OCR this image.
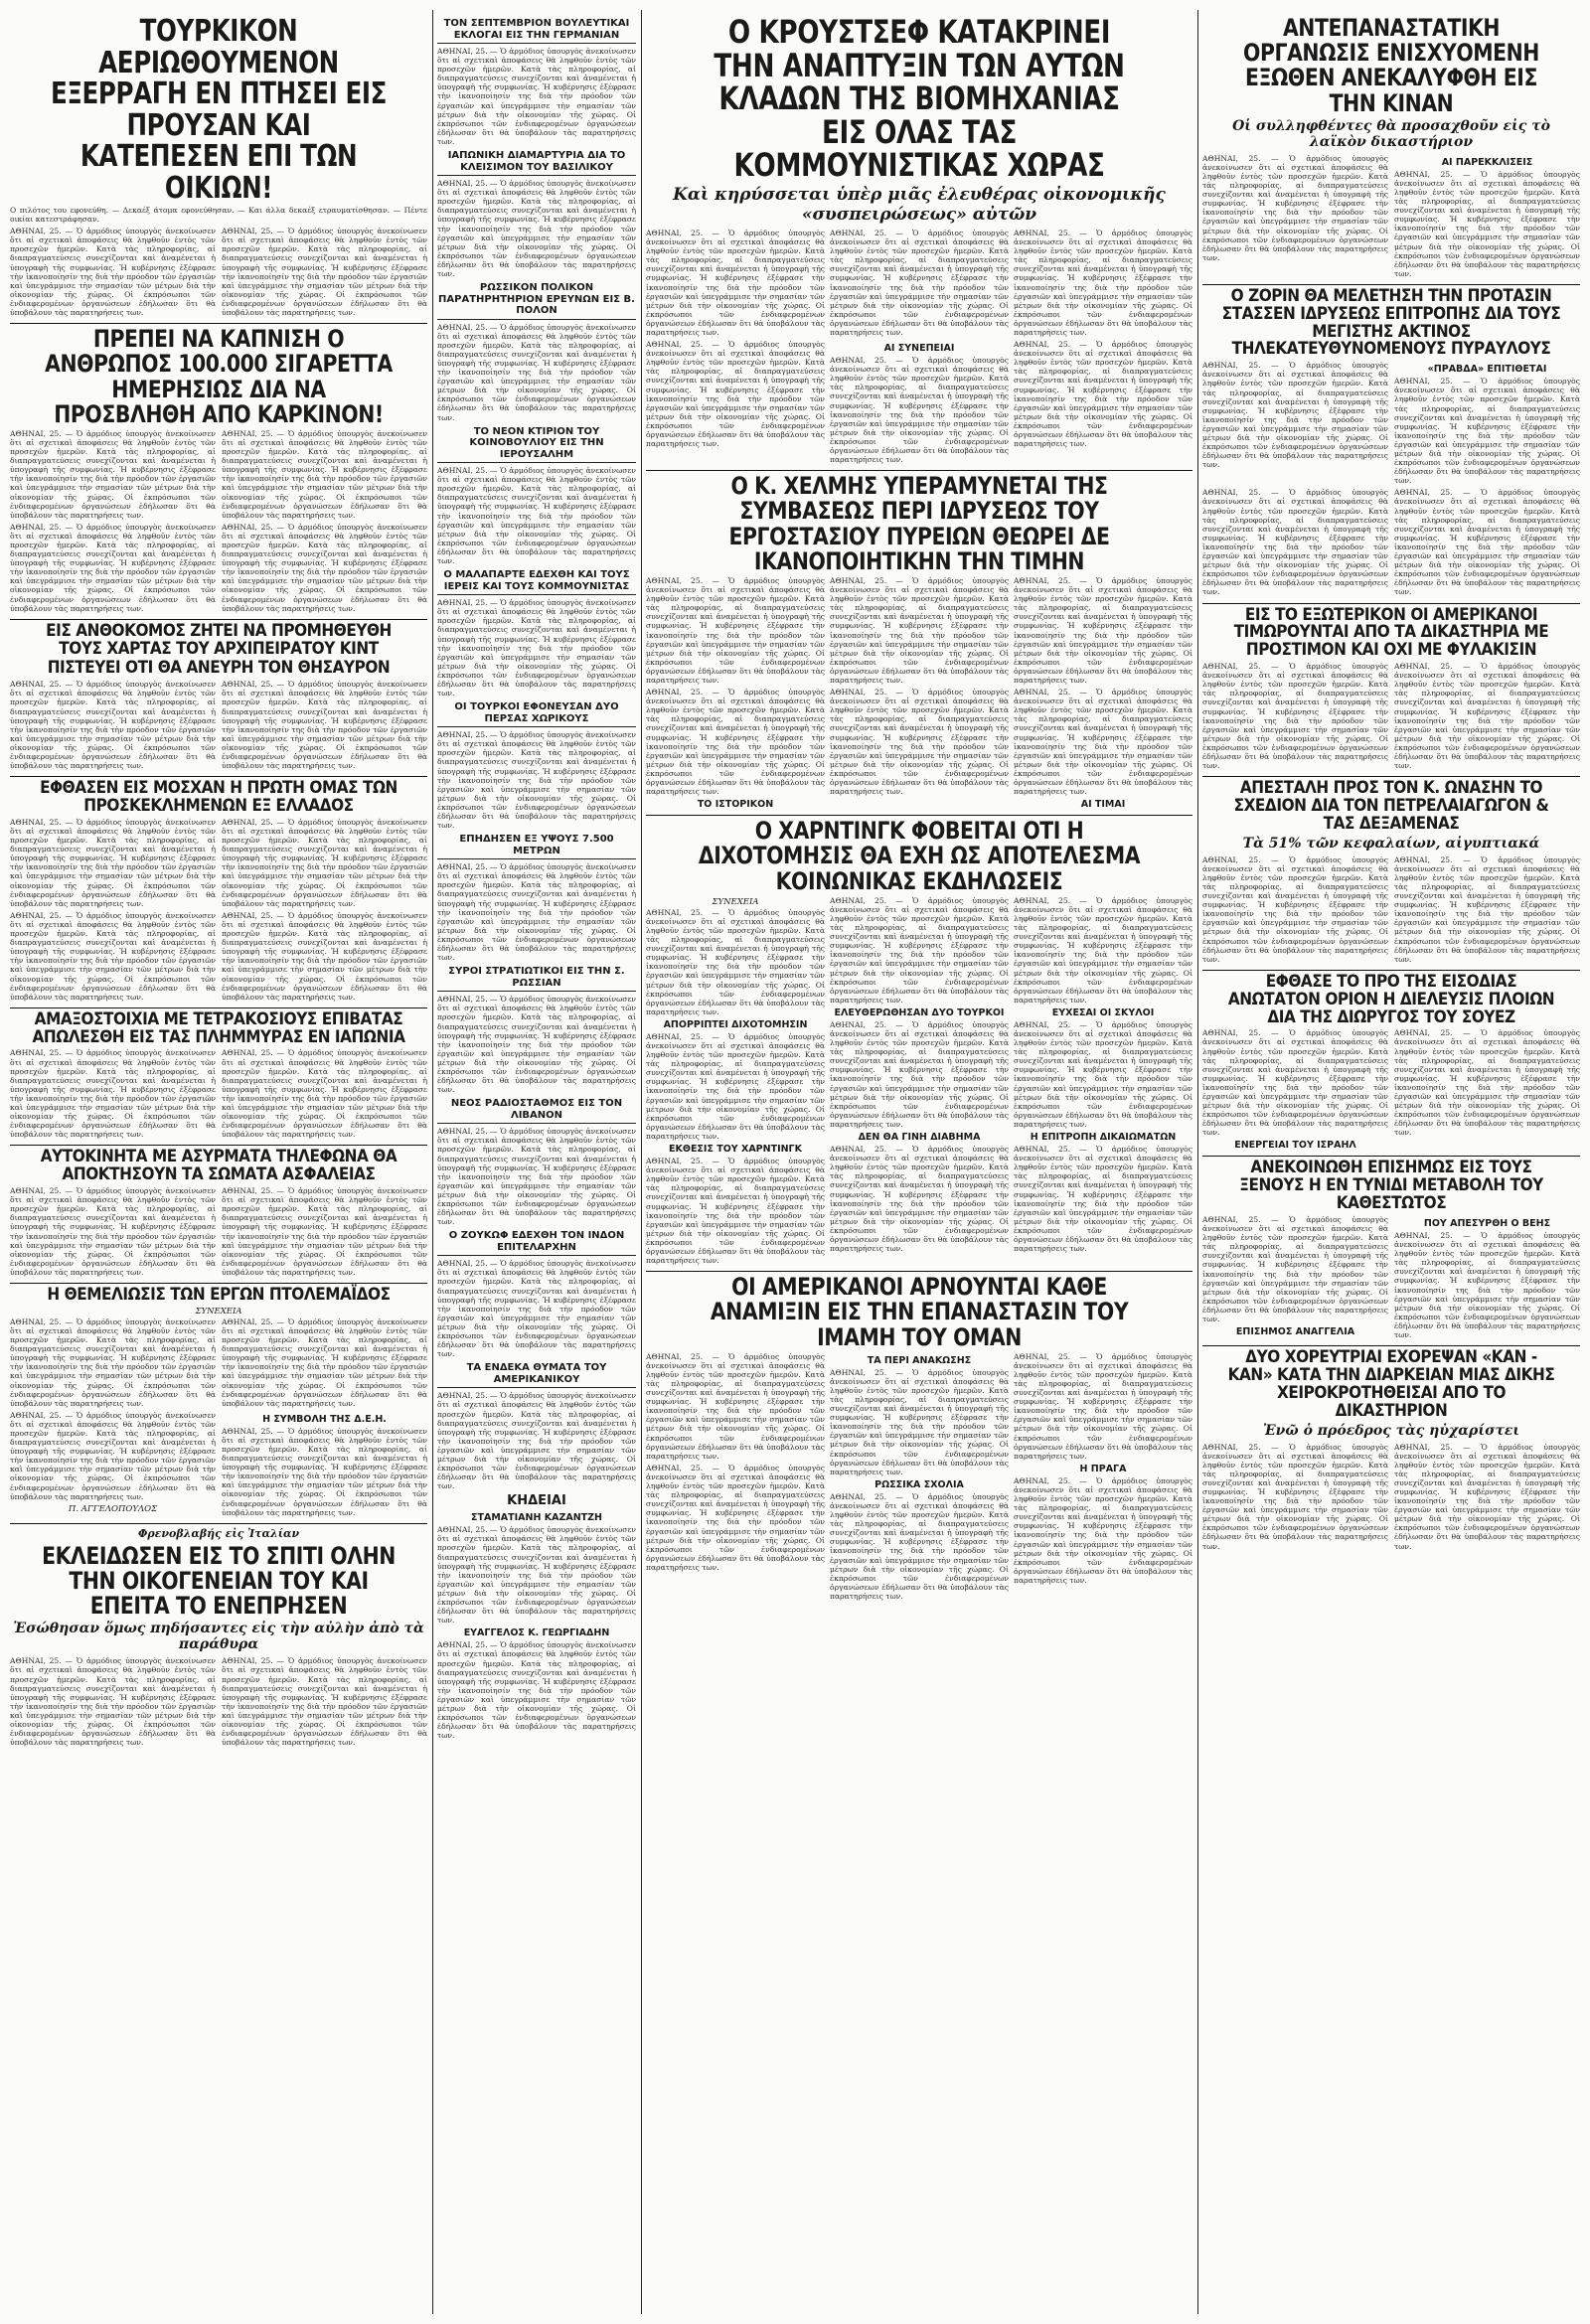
ΤΟΥΡΚΙΚΟΝ ΑΕΡΙΩΘΟΥΜΕΝΟΝ ΕΞΕΡΡΑΓΗ ΕΝ ΠΤΗΣΕΙ ΕΙΣ ΠΡΟΥΣΑΝ ΚΑΙ ΚΑΤΕΠΕΣΕΝ ΕΠΙ ΤΩΝ ΟΙΚΙΩΝ!
Ο πιλότος του εφονεύθη. — Δεκαέξ άτομα εφονεύθησαν. — Και άλλα δεκαέξ ετραυματίσθησαν. — Πέντε οικίαι κατεστράφησαν.
ΑΘΗΝΑΙ, 25. — Ὁ ἁρμόδιος ὑπουργὸς ἀνεκοίνωσεν ὅτι αἱ σχετικαὶ ἀποφάσεις θὰ ληφθοῦν ἐντὸς τῶν προσεχῶν ἡμερῶν. Κατὰ τὰς πληροφορίας, αἱ διαπραγματεύσεις συνεχίζονται καὶ ἀναμένεται ἡ ὑπογραφὴ τῆς συμφωνίας. Ἡ κυβέρνησις ἐξέφρασε τὴν ἱκανοποίησίν της διὰ τὴν πρόοδον τῶν ἐργασιῶν καὶ ὑπεγράμμισε τὴν σημασίαν τῶν μέτρων διὰ τὴν οἰκονομίαν τῆς χώρας. Οἱ ἐκπρόσωποι τῶν ἐνδιαφερομένων ὀργανώσεων ἐδήλωσαν ὅτι θὰ ὑποβάλουν τὰς παρατηρήσεις των.
ΑΘΗΝΑΙ, 25. — Ὁ ἁρμόδιος ὑπουργὸς ἀνεκοίνωσεν ὅτι αἱ σχετικαὶ ἀποφάσεις θὰ ληφθοῦν ἐντὸς τῶν προσεχῶν ἡμερῶν. Κατὰ τὰς πληροφορίας, αἱ διαπραγματεύσεις συνεχίζονται καὶ ἀναμένεται ἡ ὑπογραφὴ τῆς συμφωνίας. Ἡ κυβέρνησις ἐξέφρασε τὴν ἱκανοποίησίν της διὰ τὴν πρόοδον τῶν ἐργασιῶν καὶ ὑπεγράμμισε τὴν σημασίαν τῶν μέτρων διὰ τὴν οἰκονομίαν τῆς χώρας. Οἱ ἐκπρόσωποι τῶν ἐνδιαφερομένων ὀργανώσεων ἐδήλωσαν ὅτι θὰ ὑποβάλουν τὰς παρατηρήσεις των.
ΠΡΕΠΕΙ ΝΑ ΚΑΠΝΙΣΗ Ο ΑΝΘΡΩΠΟΣ 100.000 ΣΙΓΑΡΕΤΤΑ ΗΜΕΡΗΣΙΩΣ ΔΙΑ ΝΑ ΠΡΟΣΒΛΗΘΗ ΑΠΟ ΚΑΡΚΙΝΟΝ!
ΑΘΗΝΑΙ, 25. — Ὁ ἁρμόδιος ὑπουργὸς ἀνεκοίνωσεν ὅτι αἱ σχετικαὶ ἀποφάσεις θὰ ληφθοῦν ἐντὸς τῶν προσεχῶν ἡμερῶν. Κατὰ τὰς πληροφορίας, αἱ διαπραγματεύσεις συνεχίζονται καὶ ἀναμένεται ἡ ὑπογραφὴ τῆς συμφωνίας. Ἡ κυβέρνησις ἐξέφρασε τὴν ἱκανοποίησίν της διὰ τὴν πρόοδον τῶν ἐργασιῶν καὶ ὑπεγράμμισε τὴν σημασίαν τῶν μέτρων διὰ τὴν οἰκονομίαν τῆς χώρας. Οἱ ἐκπρόσωποι τῶν ἐνδιαφερομένων ὀργανώσεων ἐδήλωσαν ὅτι θὰ ὑποβάλουν τὰς παρατηρήσεις των.
ΑΘΗΝΑΙ, 25. — Ὁ ἁρμόδιος ὑπουργὸς ἀνεκοίνωσεν ὅτι αἱ σχετικαὶ ἀποφάσεις θὰ ληφθοῦν ἐντὸς τῶν προσεχῶν ἡμερῶν. Κατὰ τὰς πληροφορίας, αἱ διαπραγματεύσεις συνεχίζονται καὶ ἀναμένεται ἡ ὑπογραφὴ τῆς συμφωνίας. Ἡ κυβέρνησις ἐξέφρασε τὴν ἱκανοποίησίν της διὰ τὴν πρόοδον τῶν ἐργασιῶν καὶ ὑπεγράμμισε τὴν σημασίαν τῶν μέτρων διὰ τὴν οἰκονομίαν τῆς χώρας. Οἱ ἐκπρόσωποι τῶν ἐνδιαφερομένων ὀργανώσεων ἐδήλωσαν ὅτι θὰ ὑποβάλουν τὰς παρατηρήσεις των.
ΑΘΗΝΑΙ, 25. — Ὁ ἁρμόδιος ὑπουργὸς ἀνεκοίνωσεν ὅτι αἱ σχετικαὶ ἀποφάσεις θὰ ληφθοῦν ἐντὸς τῶν προσεχῶν ἡμερῶν. Κατὰ τὰς πληροφορίας, αἱ διαπραγματεύσεις συνεχίζονται καὶ ἀναμένεται ἡ ὑπογραφὴ τῆς συμφωνίας. Ἡ κυβέρνησις ἐξέφρασε τὴν ἱκανοποίησίν της διὰ τὴν πρόοδον τῶν ἐργασιῶν καὶ ὑπεγράμμισε τὴν σημασίαν τῶν μέτρων διὰ τὴν οἰκονομίαν τῆς χώρας. Οἱ ἐκπρόσωποι τῶν ἐνδιαφερομένων ὀργανώσεων ἐδήλωσαν ὅτι θὰ ὑποβάλουν τὰς παρατηρήσεις των.
ΑΘΗΝΑΙ, 25. — Ὁ ἁρμόδιος ὑπουργὸς ἀνεκοίνωσεν ὅτι αἱ σχετικαὶ ἀποφάσεις θὰ ληφθοῦν ἐντὸς τῶν προσεχῶν ἡμερῶν. Κατὰ τὰς πληροφορίας, αἱ διαπραγματεύσεις συνεχίζονται καὶ ἀναμένεται ἡ ὑπογραφὴ τῆς συμφωνίας. Ἡ κυβέρνησις ἐξέφρασε τὴν ἱκανοποίησίν της διὰ τὴν πρόοδον τῶν ἐργασιῶν καὶ ὑπεγράμμισε τὴν σημασίαν τῶν μέτρων διὰ τὴν οἰκονομίαν τῆς χώρας. Οἱ ἐκπρόσωποι τῶν ἐνδιαφερομένων ὀργανώσεων ἐδήλωσαν ὅτι θὰ ὑποβάλουν τὰς παρατηρήσεις των.
ΕΙΣ ΑΝΘΟΚΟΜΟΣ ΖΗΤΕΙ ΝΑ ΠΡΟΜΗΘΕΥΘΗ ΤΟΥΣ ΧΑΡΤΑΣ ΤΟΥ ΑΡΧΙΠΕΙΡΑΤΟΥ ΚΙΝΤ
ΠΙΣΤΕΥΕΙ ΟΤΙ ΘΑ ΑΝΕΥΡΗ ΤΟΝ ΘΗΣΑΥΡΟΝ
ΑΘΗΝΑΙ, 25. — Ὁ ἁρμόδιος ὑπουργὸς ἀνεκοίνωσεν ὅτι αἱ σχετικαὶ ἀποφάσεις θὰ ληφθοῦν ἐντὸς τῶν προσεχῶν ἡμερῶν. Κατὰ τὰς πληροφορίας, αἱ διαπραγματεύσεις συνεχίζονται καὶ ἀναμένεται ἡ ὑπογραφὴ τῆς συμφωνίας. Ἡ κυβέρνησις ἐξέφρασε τὴν ἱκανοποίησίν της διὰ τὴν πρόοδον τῶν ἐργασιῶν καὶ ὑπεγράμμισε τὴν σημασίαν τῶν μέτρων διὰ τὴν οἰκονομίαν τῆς χώρας. Οἱ ἐκπρόσωποι τῶν ἐνδιαφερομένων ὀργανώσεων ἐδήλωσαν ὅτι θὰ ὑποβάλουν τὰς παρατηρήσεις των.
ΑΘΗΝΑΙ, 25. — Ὁ ἁρμόδιος ὑπουργὸς ἀνεκοίνωσεν ὅτι αἱ σχετικαὶ ἀποφάσεις θὰ ληφθοῦν ἐντὸς τῶν προσεχῶν ἡμερῶν. Κατὰ τὰς πληροφορίας, αἱ διαπραγματεύσεις συνεχίζονται καὶ ἀναμένεται ἡ ὑπογραφὴ τῆς συμφωνίας. Ἡ κυβέρνησις ἐξέφρασε τὴν ἱκανοποίησίν της διὰ τὴν πρόοδον τῶν ἐργασιῶν καὶ ὑπεγράμμισε τὴν σημασίαν τῶν μέτρων διὰ τὴν οἰκονομίαν τῆς χώρας. Οἱ ἐκπρόσωποι τῶν ἐνδιαφερομένων ὀργανώσεων ἐδήλωσαν ὅτι θὰ ὑποβάλουν τὰς παρατηρήσεις των.
ΕΦΘΑΣΕΝ ΕΙΣ ΜΟΣΧΑΝ Η ΠΡΩΤΗ ΟΜΑΣ ΤΩΝ ΠΡΟΣΚΕΚΛΗΜΕΝΩΝ ΕΞ ΕΛΛΑΔΟΣ
ΑΘΗΝΑΙ, 25. — Ὁ ἁρμόδιος ὑπουργὸς ἀνεκοίνωσεν ὅτι αἱ σχετικαὶ ἀποφάσεις θὰ ληφθοῦν ἐντὸς τῶν προσεχῶν ἡμερῶν. Κατὰ τὰς πληροφορίας, αἱ διαπραγματεύσεις συνεχίζονται καὶ ἀναμένεται ἡ ὑπογραφὴ τῆς συμφωνίας. Ἡ κυβέρνησις ἐξέφρασε τὴν ἱκανοποίησίν της διὰ τὴν πρόοδον τῶν ἐργασιῶν καὶ ὑπεγράμμισε τὴν σημασίαν τῶν μέτρων διὰ τὴν οἰκονομίαν τῆς χώρας. Οἱ ἐκπρόσωποι τῶν ἐνδιαφερομένων ὀργανώσεων ἐδήλωσαν ὅτι θὰ ὑποβάλουν τὰς παρατηρήσεις των.
ΑΘΗΝΑΙ, 25. — Ὁ ἁρμόδιος ὑπουργὸς ἀνεκοίνωσεν ὅτι αἱ σχετικαὶ ἀποφάσεις θὰ ληφθοῦν ἐντὸς τῶν προσεχῶν ἡμερῶν. Κατὰ τὰς πληροφορίας, αἱ διαπραγματεύσεις συνεχίζονται καὶ ἀναμένεται ἡ ὑπογραφὴ τῆς συμφωνίας. Ἡ κυβέρνησις ἐξέφρασε τὴν ἱκανοποίησίν της διὰ τὴν πρόοδον τῶν ἐργασιῶν καὶ ὑπεγράμμισε τὴν σημασίαν τῶν μέτρων διὰ τὴν οἰκονομίαν τῆς χώρας. Οἱ ἐκπρόσωποι τῶν ἐνδιαφερομένων ὀργανώσεων ἐδήλωσαν ὅτι θὰ ὑποβάλουν τὰς παρατηρήσεις των.
ΑΘΗΝΑΙ, 25. — Ὁ ἁρμόδιος ὑπουργὸς ἀνεκοίνωσεν ὅτι αἱ σχετικαὶ ἀποφάσεις θὰ ληφθοῦν ἐντὸς τῶν προσεχῶν ἡμερῶν. Κατὰ τὰς πληροφορίας, αἱ διαπραγματεύσεις συνεχίζονται καὶ ἀναμένεται ἡ ὑπογραφὴ τῆς συμφωνίας. Ἡ κυβέρνησις ἐξέφρασε τὴν ἱκανοποίησίν της διὰ τὴν πρόοδον τῶν ἐργασιῶν καὶ ὑπεγράμμισε τὴν σημασίαν τῶν μέτρων διὰ τὴν οἰκονομίαν τῆς χώρας. Οἱ ἐκπρόσωποι τῶν ἐνδιαφερομένων ὀργανώσεων ἐδήλωσαν ὅτι θὰ ὑποβάλουν τὰς παρατηρήσεις των.
ΑΘΗΝΑΙ, 25. — Ὁ ἁρμόδιος ὑπουργὸς ἀνεκοίνωσεν ὅτι αἱ σχετικαὶ ἀποφάσεις θὰ ληφθοῦν ἐντὸς τῶν προσεχῶν ἡμερῶν. Κατὰ τὰς πληροφορίας, αἱ διαπραγματεύσεις συνεχίζονται καὶ ἀναμένεται ἡ ὑπογραφὴ τῆς συμφωνίας. Ἡ κυβέρνησις ἐξέφρασε τὴν ἱκανοποίησίν της διὰ τὴν πρόοδον τῶν ἐργασιῶν καὶ ὑπεγράμμισε τὴν σημασίαν τῶν μέτρων διὰ τὴν οἰκονομίαν τῆς χώρας. Οἱ ἐκπρόσωποι τῶν ἐνδιαφερομένων ὀργανώσεων ἐδήλωσαν ὅτι θὰ ὑποβάλουν τὰς παρατηρήσεις των.
ΑΜΑΞΟΣΤΟΙΧΙΑ ΜΕ ΤΕΤΡΑΚΟΣΙΟΥΣ ΕΠΙΒΑΤΑΣ ΑΠΩΛΕΣΘΗ ΕΙΣ ΤΑΣ ΠΛΗΜΜΥΡΑΣ ΕΝ ΙΑΠΩΝΙΑ
ΑΘΗΝΑΙ, 25. — Ὁ ἁρμόδιος ὑπουργὸς ἀνεκοίνωσεν ὅτι αἱ σχετικαὶ ἀποφάσεις θὰ ληφθοῦν ἐντὸς τῶν προσεχῶν ἡμερῶν. Κατὰ τὰς πληροφορίας, αἱ διαπραγματεύσεις συνεχίζονται καὶ ἀναμένεται ἡ ὑπογραφὴ τῆς συμφωνίας. Ἡ κυβέρνησις ἐξέφρασε τὴν ἱκανοποίησίν της διὰ τὴν πρόοδον τῶν ἐργασιῶν καὶ ὑπεγράμμισε τὴν σημασίαν τῶν μέτρων διὰ τὴν οἰκονομίαν τῆς χώρας. Οἱ ἐκπρόσωποι τῶν ἐνδιαφερομένων ὀργανώσεων ἐδήλωσαν ὅτι θὰ ὑποβάλουν τὰς παρατηρήσεις των.
ΑΘΗΝΑΙ, 25. — Ὁ ἁρμόδιος ὑπουργὸς ἀνεκοίνωσεν ὅτι αἱ σχετικαὶ ἀποφάσεις θὰ ληφθοῦν ἐντὸς τῶν προσεχῶν ἡμερῶν. Κατὰ τὰς πληροφορίας, αἱ διαπραγματεύσεις συνεχίζονται καὶ ἀναμένεται ἡ ὑπογραφὴ τῆς συμφωνίας. Ἡ κυβέρνησις ἐξέφρασε τὴν ἱκανοποίησίν της διὰ τὴν πρόοδον τῶν ἐργασιῶν καὶ ὑπεγράμμισε τὴν σημασίαν τῶν μέτρων διὰ τὴν οἰκονομίαν τῆς χώρας. Οἱ ἐκπρόσωποι τῶν ἐνδιαφερομένων ὀργανώσεων ἐδήλωσαν ὅτι θὰ ὑποβάλουν τὰς παρατηρήσεις των.
ΑΥΤΟΚΙΝΗΤΑ ΜΕ ΑΣΥΡΜΑΤΑ ΤΗΛΕΦΩΝΑ ΘΑ ΑΠΟΚΤΗΣΟΥΝ ΤΑ ΣΩΜΑΤΑ ΑΣΦΑΛΕΙΑΣ
ΑΘΗΝΑΙ, 25. — Ὁ ἁρμόδιος ὑπουργὸς ἀνεκοίνωσεν ὅτι αἱ σχετικαὶ ἀποφάσεις θὰ ληφθοῦν ἐντὸς τῶν προσεχῶν ἡμερῶν. Κατὰ τὰς πληροφορίας, αἱ διαπραγματεύσεις συνεχίζονται καὶ ἀναμένεται ἡ ὑπογραφὴ τῆς συμφωνίας. Ἡ κυβέρνησις ἐξέφρασε τὴν ἱκανοποίησίν της διὰ τὴν πρόοδον τῶν ἐργασιῶν καὶ ὑπεγράμμισε τὴν σημασίαν τῶν μέτρων διὰ τὴν οἰκονομίαν τῆς χώρας. Οἱ ἐκπρόσωποι τῶν ἐνδιαφερομένων ὀργανώσεων ἐδήλωσαν ὅτι θὰ ὑποβάλουν τὰς παρατηρήσεις των.
ΑΘΗΝΑΙ, 25. — Ὁ ἁρμόδιος ὑπουργὸς ἀνεκοίνωσεν ὅτι αἱ σχετικαὶ ἀποφάσεις θὰ ληφθοῦν ἐντὸς τῶν προσεχῶν ἡμερῶν. Κατὰ τὰς πληροφορίας, αἱ διαπραγματεύσεις συνεχίζονται καὶ ἀναμένεται ἡ ὑπογραφὴ τῆς συμφωνίας. Ἡ κυβέρνησις ἐξέφρασε τὴν ἱκανοποίησίν της διὰ τὴν πρόοδον τῶν ἐργασιῶν καὶ ὑπεγράμμισε τὴν σημασίαν τῶν μέτρων διὰ τὴν οἰκονομίαν τῆς χώρας. Οἱ ἐκπρόσωποι τῶν ἐνδιαφερομένων ὀργανώσεων ἐδήλωσαν ὅτι θὰ ὑποβάλουν τὰς παρατηρήσεις των.
Η ΘΕΜΕΛΙΩΣΙΣ ΤΩΝ ΕΡΓΩΝ ΠΤΟΛΕΜΑΪΔΟΣ
ΣΥΝΕΧΕΙΑ
ΑΘΗΝΑΙ, 25. — Ὁ ἁρμόδιος ὑπουργὸς ἀνεκοίνωσεν ὅτι αἱ σχετικαὶ ἀποφάσεις θὰ ληφθοῦν ἐντὸς τῶν προσεχῶν ἡμερῶν. Κατὰ τὰς πληροφορίας, αἱ διαπραγματεύσεις συνεχίζονται καὶ ἀναμένεται ἡ ὑπογραφὴ τῆς συμφωνίας. Ἡ κυβέρνησις ἐξέφρασε τὴν ἱκανοποίησίν της διὰ τὴν πρόοδον τῶν ἐργασιῶν καὶ ὑπεγράμμισε τὴν σημασίαν τῶν μέτρων διὰ τὴν οἰκονομίαν τῆς χώρας. Οἱ ἐκπρόσωποι τῶν ἐνδιαφερομένων ὀργανώσεων ἐδήλωσαν ὅτι θὰ ὑποβάλουν τὰς παρατηρήσεις των.
ΑΘΗΝΑΙ, 25. — Ὁ ἁρμόδιος ὑπουργὸς ἀνεκοίνωσεν ὅτι αἱ σχετικαὶ ἀποφάσεις θὰ ληφθοῦν ἐντὸς τῶν προσεχῶν ἡμερῶν. Κατὰ τὰς πληροφορίας, αἱ διαπραγματεύσεις συνεχίζονται καὶ ἀναμένεται ἡ ὑπογραφὴ τῆς συμφωνίας. Ἡ κυβέρνησις ἐξέφρασε τὴν ἱκανοποίησίν της διὰ τὴν πρόοδον τῶν ἐργασιῶν καὶ ὑπεγράμμισε τὴν σημασίαν τῶν μέτρων διὰ τὴν οἰκονομίαν τῆς χώρας. Οἱ ἐκπρόσωποι τῶν ἐνδιαφερομένων ὀργανώσεων ἐδήλωσαν ὅτι θὰ ὑποβάλουν τὰς παρατηρήσεις των.
ΑΘΗΝΑΙ, 25. — Ὁ ἁρμόδιος ὑπουργὸς ἀνεκοίνωσεν ὅτι αἱ σχετικαὶ ἀποφάσεις θὰ ληφθοῦν ἐντὸς τῶν προσεχῶν ἡμερῶν. Κατὰ τὰς πληροφορίας, αἱ διαπραγματεύσεις συνεχίζονται καὶ ἀναμένεται ἡ ὑπογραφὴ τῆς συμφωνίας. Ἡ κυβέρνησις ἐξέφρασε τὴν ἱκανοποίησίν της διὰ τὴν πρόοδον τῶν ἐργασιῶν καὶ ὑπεγράμμισε τὴν σημασίαν τῶν μέτρων διὰ τὴν οἰκονομίαν τῆς χώρας. Οἱ ἐκπρόσωποι τῶν ἐνδιαφερομένων ὀργανώσεων ἐδήλωσαν ὅτι θὰ ὑποβάλουν τὰς παρατηρήσεις των.
Π. ΑΓΓΕΛΟΠΟΥΛΟΣ
Η ΣΥΜΒΟΛΗ ΤΗΣ Δ.Ε.Η.
ΑΘΗΝΑΙ, 25. — Ὁ ἁρμόδιος ὑπουργὸς ἀνεκοίνωσεν ὅτι αἱ σχετικαὶ ἀποφάσεις θὰ ληφθοῦν ἐντὸς τῶν προσεχῶν ἡμερῶν. Κατὰ τὰς πληροφορίας, αἱ διαπραγματεύσεις συνεχίζονται καὶ ἀναμένεται ἡ ὑπογραφὴ τῆς συμφωνίας. Ἡ κυβέρνησις ἐξέφρασε τὴν ἱκανοποίησίν της διὰ τὴν πρόοδον τῶν ἐργασιῶν καὶ ὑπεγράμμισε τὴν σημασίαν τῶν μέτρων διὰ τὴν οἰκονομίαν τῆς χώρας. Οἱ ἐκπρόσωποι τῶν ἐνδιαφερομένων ὀργανώσεων ἐδήλωσαν ὅτι θὰ ὑποβάλουν τὰς παρατηρήσεις των.
Φρενοβλαβής εἰς Ἰταλίαν
ΕΚΛΕΙΔΩΣΕΝ ΕΙΣ ΤΟ ΣΠΙΤΙ ΟΛΗΝ ΤΗΝ ΟΙΚΟΓΕΝΕΙΑΝ ΤΟΥ ΚΑΙ ΕΠΕΙΤΑ ΤΟ ΕΝΕΠΡΗΣΕΝ
Ἐσώθησαν ὅμως πηδήσαντες εἰς τὴν αὐλὴν ἀπὸ τὰ παράθυρα
ΑΘΗΝΑΙ, 25. — Ὁ ἁρμόδιος ὑπουργὸς ἀνεκοίνωσεν ὅτι αἱ σχετικαὶ ἀποφάσεις θὰ ληφθοῦν ἐντὸς τῶν προσεχῶν ἡμερῶν. Κατὰ τὰς πληροφορίας, αἱ διαπραγματεύσεις συνεχίζονται καὶ ἀναμένεται ἡ ὑπογραφὴ τῆς συμφωνίας. Ἡ κυβέρνησις ἐξέφρασε τὴν ἱκανοποίησίν της διὰ τὴν πρόοδον τῶν ἐργασιῶν καὶ ὑπεγράμμισε τὴν σημασίαν τῶν μέτρων διὰ τὴν οἰκονομίαν τῆς χώρας. Οἱ ἐκπρόσωποι τῶν ἐνδιαφερομένων ὀργανώσεων ἐδήλωσαν ὅτι θὰ ὑποβάλουν τὰς παρατηρήσεις των.
ΑΘΗΝΑΙ, 25. — Ὁ ἁρμόδιος ὑπουργὸς ἀνεκοίνωσεν ὅτι αἱ σχετικαὶ ἀποφάσεις θὰ ληφθοῦν ἐντὸς τῶν προσεχῶν ἡμερῶν. Κατὰ τὰς πληροφορίας, αἱ διαπραγματεύσεις συνεχίζονται καὶ ἀναμένεται ἡ ὑπογραφὴ τῆς συμφωνίας. Ἡ κυβέρνησις ἐξέφρασε τὴν ἱκανοποίησίν της διὰ τὴν πρόοδον τῶν ἐργασιῶν καὶ ὑπεγράμμισε τὴν σημασίαν τῶν μέτρων διὰ τὴν οἰκονομίαν τῆς χώρας. Οἱ ἐκπρόσωποι τῶν ἐνδιαφερομένων ὀργανώσεων ἐδήλωσαν ὅτι θὰ ὑποβάλουν τὰς παρατηρήσεις των.
ΤΟΝ ΣΕΠΤΕΜΒΡΙΟΝ ΒΟΥΛΕΥΤΙΚΑΙ ΕΚΛΟΓΑΙ ΕΙΣ ΤΗΝ ΓΕΡΜΑΝΙΑΝ
ΑΘΗΝΑΙ, 25. — Ὁ ἁρμόδιος ὑπουργὸς ἀνεκοίνωσεν ὅτι αἱ σχετικαὶ ἀποφάσεις θὰ ληφθοῦν ἐντὸς τῶν προσεχῶν ἡμερῶν. Κατὰ τὰς πληροφορίας, αἱ διαπραγματεύσεις συνεχίζονται καὶ ἀναμένεται ἡ ὑπογραφὴ τῆς συμφωνίας. Ἡ κυβέρνησις ἐξέφρασε τὴν ἱκανοποίησίν της διὰ τὴν πρόοδον τῶν ἐργασιῶν καὶ ὑπεγράμμισε τὴν σημασίαν τῶν μέτρων διὰ τὴν οἰκονομίαν τῆς χώρας. Οἱ ἐκπρόσωποι τῶν ἐνδιαφερομένων ὀργανώσεων ἐδήλωσαν ὅτι θὰ ὑποβάλουν τὰς παρατηρήσεις των.
ΙΑΠΩΝΙΚΗ ΔΙΑΜΑΡΤΥΡΙΑ ΔΙΑ ΤΟ ΚΛΕΙΣΙΜΟΝ ΤΟΥ ΒΑΣΙΛΙΚΟΥ
ΑΘΗΝΑΙ, 25. — Ὁ ἁρμόδιος ὑπουργὸς ἀνεκοίνωσεν ὅτι αἱ σχετικαὶ ἀποφάσεις θὰ ληφθοῦν ἐντὸς τῶν προσεχῶν ἡμερῶν. Κατὰ τὰς πληροφορίας, αἱ διαπραγματεύσεις συνεχίζονται καὶ ἀναμένεται ἡ ὑπογραφὴ τῆς συμφωνίας. Ἡ κυβέρνησις ἐξέφρασε τὴν ἱκανοποίησίν της διὰ τὴν πρόοδον τῶν ἐργασιῶν καὶ ὑπεγράμμισε τὴν σημασίαν τῶν μέτρων διὰ τὴν οἰκονομίαν τῆς χώρας. Οἱ ἐκπρόσωποι τῶν ἐνδιαφερομένων ὀργανώσεων ἐδήλωσαν ὅτι θὰ ὑποβάλουν τὰς παρατηρήσεις των.
ΡΩΣΣΙΚΟΝ ΠΟΛΙΚΟΝ ΠΑΡΑΤΗΡΗΤΗΡΙΟΝ ΕΡΕΥΝΩΝ ΕΙΣ Β. ΠΟΛΟΝ
ΑΘΗΝΑΙ, 25. — Ὁ ἁρμόδιος ὑπουργὸς ἀνεκοίνωσεν ὅτι αἱ σχετικαὶ ἀποφάσεις θὰ ληφθοῦν ἐντὸς τῶν προσεχῶν ἡμερῶν. Κατὰ τὰς πληροφορίας, αἱ διαπραγματεύσεις συνεχίζονται καὶ ἀναμένεται ἡ ὑπογραφὴ τῆς συμφωνίας. Ἡ κυβέρνησις ἐξέφρασε τὴν ἱκανοποίησίν της διὰ τὴν πρόοδον τῶν ἐργασιῶν καὶ ὑπεγράμμισε τὴν σημασίαν τῶν μέτρων διὰ τὴν οἰκονομίαν τῆς χώρας. Οἱ ἐκπρόσωποι τῶν ἐνδιαφερομένων ὀργανώσεων ἐδήλωσαν ὅτι θὰ ὑποβάλουν τὰς παρατηρήσεις των.
ΤΟ ΝΕΟΝ ΚΤΙΡΙΟΝ ΤΟΥ ΚΟΙΝΟΒΟΥΛΙΟΥ ΕΙΣ ΤΗΝ ΙΕΡΟΥΣΑΛΗΜ
ΑΘΗΝΑΙ, 25. — Ὁ ἁρμόδιος ὑπουργὸς ἀνεκοίνωσεν ὅτι αἱ σχετικαὶ ἀποφάσεις θὰ ληφθοῦν ἐντὸς τῶν προσεχῶν ἡμερῶν. Κατὰ τὰς πληροφορίας, αἱ διαπραγματεύσεις συνεχίζονται καὶ ἀναμένεται ἡ ὑπογραφὴ τῆς συμφωνίας. Ἡ κυβέρνησις ἐξέφρασε τὴν ἱκανοποίησίν της διὰ τὴν πρόοδον τῶν ἐργασιῶν καὶ ὑπεγράμμισε τὴν σημασίαν τῶν μέτρων διὰ τὴν οἰκονομίαν τῆς χώρας. Οἱ ἐκπρόσωποι τῶν ἐνδιαφερομένων ὀργανώσεων ἐδήλωσαν ὅτι θὰ ὑποβάλουν τὰς παρατηρήσεις των.
Ο ΜΑΛΑΠΑΡΤΕ ΕΔΕΧΘΗ ΚΑΙ ΤΟΥΣ ΙΕΡΕΙΣ ΚΑΙ ΤΟΥΣ ΚΟΜΜΟΥΝΙΣΤΑΣ
ΑΘΗΝΑΙ, 25. — Ὁ ἁρμόδιος ὑπουργὸς ἀνεκοίνωσεν ὅτι αἱ σχετικαὶ ἀποφάσεις θὰ ληφθοῦν ἐντὸς τῶν προσεχῶν ἡμερῶν. Κατὰ τὰς πληροφορίας, αἱ διαπραγματεύσεις συνεχίζονται καὶ ἀναμένεται ἡ ὑπογραφὴ τῆς συμφωνίας. Ἡ κυβέρνησις ἐξέφρασε τὴν ἱκανοποίησίν της διὰ τὴν πρόοδον τῶν ἐργασιῶν καὶ ὑπεγράμμισε τὴν σημασίαν τῶν μέτρων διὰ τὴν οἰκονομίαν τῆς χώρας. Οἱ ἐκπρόσωποι τῶν ἐνδιαφερομένων ὀργανώσεων ἐδήλωσαν ὅτι θὰ ὑποβάλουν τὰς παρατηρήσεις των.
ΟΙ ΤΟΥΡΚΟΙ ΕΦΟΝΕΥΣΑΝ ΔΥΟ ΠΕΡΣΑΣ ΧΩΡΙΚΟΥΣ
ΑΘΗΝΑΙ, 25. — Ὁ ἁρμόδιος ὑπουργὸς ἀνεκοίνωσεν ὅτι αἱ σχετικαὶ ἀποφάσεις θὰ ληφθοῦν ἐντὸς τῶν προσεχῶν ἡμερῶν. Κατὰ τὰς πληροφορίας, αἱ διαπραγματεύσεις συνεχίζονται καὶ ἀναμένεται ἡ ὑπογραφὴ τῆς συμφωνίας. Ἡ κυβέρνησις ἐξέφρασε τὴν ἱκανοποίησίν της διὰ τὴν πρόοδον τῶν ἐργασιῶν καὶ ὑπεγράμμισε τὴν σημασίαν τῶν μέτρων διὰ τὴν οἰκονομίαν τῆς χώρας. Οἱ ἐκπρόσωποι τῶν ἐνδιαφερομένων ὀργανώσεων ἐδήλωσαν ὅτι θὰ ὑποβάλουν τὰς παρατηρήσεις των.
ΕΠΗΔΗΣΕΝ ΕΞ ΥΨΟΥΣ 7.500 ΜΕΤΡΩΝ
ΑΘΗΝΑΙ, 25. — Ὁ ἁρμόδιος ὑπουργὸς ἀνεκοίνωσεν ὅτι αἱ σχετικαὶ ἀποφάσεις θὰ ληφθοῦν ἐντὸς τῶν προσεχῶν ἡμερῶν. Κατὰ τὰς πληροφορίας, αἱ διαπραγματεύσεις συνεχίζονται καὶ ἀναμένεται ἡ ὑπογραφὴ τῆς συμφωνίας. Ἡ κυβέρνησις ἐξέφρασε τὴν ἱκανοποίησίν της διὰ τὴν πρόοδον τῶν ἐργασιῶν καὶ ὑπεγράμμισε τὴν σημασίαν τῶν μέτρων διὰ τὴν οἰκονομίαν τῆς χώρας. Οἱ ἐκπρόσωποι τῶν ἐνδιαφερομένων ὀργανώσεων ἐδήλωσαν ὅτι θὰ ὑποβάλουν τὰς παρατηρήσεις των.
ΣΥΡΟΙ ΣΤΡΑΤΙΩΤΙΚΟΙ ΕΙΣ ΤΗΝ Σ. ΡΩΣΣΙΑΝ
ΑΘΗΝΑΙ, 25. — Ὁ ἁρμόδιος ὑπουργὸς ἀνεκοίνωσεν ὅτι αἱ σχετικαὶ ἀποφάσεις θὰ ληφθοῦν ἐντὸς τῶν προσεχῶν ἡμερῶν. Κατὰ τὰς πληροφορίας, αἱ διαπραγματεύσεις συνεχίζονται καὶ ἀναμένεται ἡ ὑπογραφὴ τῆς συμφωνίας. Ἡ κυβέρνησις ἐξέφρασε τὴν ἱκανοποίησίν της διὰ τὴν πρόοδον τῶν ἐργασιῶν καὶ ὑπεγράμμισε τὴν σημασίαν τῶν μέτρων διὰ τὴν οἰκονομίαν τῆς χώρας. Οἱ ἐκπρόσωποι τῶν ἐνδιαφερομένων ὀργανώσεων ἐδήλωσαν ὅτι θὰ ὑποβάλουν τὰς παρατηρήσεις των.
ΝΕΟΣ ΡΑΔΙΟΣΤΑΘΜΟΣ ΕΙΣ ΤΟΝ ΛΙΒΑΝΟΝ
ΑΘΗΝΑΙ, 25. — Ὁ ἁρμόδιος ὑπουργὸς ἀνεκοίνωσεν ὅτι αἱ σχετικαὶ ἀποφάσεις θὰ ληφθοῦν ἐντὸς τῶν προσεχῶν ἡμερῶν. Κατὰ τὰς πληροφορίας, αἱ διαπραγματεύσεις συνεχίζονται καὶ ἀναμένεται ἡ ὑπογραφὴ τῆς συμφωνίας. Ἡ κυβέρνησις ἐξέφρασε τὴν ἱκανοποίησίν της διὰ τὴν πρόοδον τῶν ἐργασιῶν καὶ ὑπεγράμμισε τὴν σημασίαν τῶν μέτρων διὰ τὴν οἰκονομίαν τῆς χώρας. Οἱ ἐκπρόσωποι τῶν ἐνδιαφερομένων ὀργανώσεων ἐδήλωσαν ὅτι θὰ ὑποβάλουν τὰς παρατηρήσεις των.
Ο ΖΟΥΚΩΦ ΕΔΕΧΘΗ ΤΟΝ ΙΝΔΟΝ ΕΠΙΤΕΛΑΡΧΗΝ
ΑΘΗΝΑΙ, 25. — Ὁ ἁρμόδιος ὑπουργὸς ἀνεκοίνωσεν ὅτι αἱ σχετικαὶ ἀποφάσεις θὰ ληφθοῦν ἐντὸς τῶν προσεχῶν ἡμερῶν. Κατὰ τὰς πληροφορίας, αἱ διαπραγματεύσεις συνεχίζονται καὶ ἀναμένεται ἡ ὑπογραφὴ τῆς συμφωνίας. Ἡ κυβέρνησις ἐξέφρασε τὴν ἱκανοποίησίν της διὰ τὴν πρόοδον τῶν ἐργασιῶν καὶ ὑπεγράμμισε τὴν σημασίαν τῶν μέτρων διὰ τὴν οἰκονομίαν τῆς χώρας. Οἱ ἐκπρόσωποι τῶν ἐνδιαφερομένων ὀργανώσεων ἐδήλωσαν ὅτι θὰ ὑποβάλουν τὰς παρατηρήσεις των.
ΤΑ ΕΝΔΕΚΑ ΘΥΜΑΤΑ ΤΟΥ ΑΜΕΡΙΚΑΝΙΚΟΥ
ΑΘΗΝΑΙ, 25. — Ὁ ἁρμόδιος ὑπουργὸς ἀνεκοίνωσεν ὅτι αἱ σχετικαὶ ἀποφάσεις θὰ ληφθοῦν ἐντὸς τῶν προσεχῶν ἡμερῶν. Κατὰ τὰς πληροφορίας, αἱ διαπραγματεύσεις συνεχίζονται καὶ ἀναμένεται ἡ ὑπογραφὴ τῆς συμφωνίας. Ἡ κυβέρνησις ἐξέφρασε τὴν ἱκανοποίησίν της διὰ τὴν πρόοδον τῶν ἐργασιῶν καὶ ὑπεγράμμισε τὴν σημασίαν τῶν μέτρων διὰ τὴν οἰκονομίαν τῆς χώρας. Οἱ ἐκπρόσωποι τῶν ἐνδιαφερομένων ὀργανώσεων ἐδήλωσαν ὅτι θὰ ὑποβάλουν τὰς παρατηρήσεις των.
ΚΗΔΕΙΑΙ
ΣΤΑΜΑΤΙΑΝΗ ΚΑΖΑΝΤΖΗ
ΑΘΗΝΑΙ, 25. — Ὁ ἁρμόδιος ὑπουργὸς ἀνεκοίνωσεν ὅτι αἱ σχετικαὶ ἀποφάσεις θὰ ληφθοῦν ἐντὸς τῶν προσεχῶν ἡμερῶν. Κατὰ τὰς πληροφορίας, αἱ διαπραγματεύσεις συνεχίζονται καὶ ἀναμένεται ἡ ὑπογραφὴ τῆς συμφωνίας. Ἡ κυβέρνησις ἐξέφρασε τὴν ἱκανοποίησίν της διὰ τὴν πρόοδον τῶν ἐργασιῶν καὶ ὑπεγράμμισε τὴν σημασίαν τῶν μέτρων διὰ τὴν οἰκονομίαν τῆς χώρας. Οἱ ἐκπρόσωποι τῶν ἐνδιαφερομένων ὀργανώσεων ἐδήλωσαν ὅτι θὰ ὑποβάλουν τὰς παρατηρήσεις των.
ΕΥΑΓΓΕΛΟΣ Κ. ΓΕΩΡΓΙΑΔΗΝ
ΑΘΗΝΑΙ, 25. — Ὁ ἁρμόδιος ὑπουργὸς ἀνεκοίνωσεν ὅτι αἱ σχετικαὶ ἀποφάσεις θὰ ληφθοῦν ἐντὸς τῶν προσεχῶν ἡμερῶν. Κατὰ τὰς πληροφορίας, αἱ διαπραγματεύσεις συνεχίζονται καὶ ἀναμένεται ἡ ὑπογραφὴ τῆς συμφωνίας. Ἡ κυβέρνησις ἐξέφρασε τὴν ἱκανοποίησίν της διὰ τὴν πρόοδον τῶν ἐργασιῶν καὶ ὑπεγράμμισε τὴν σημασίαν τῶν μέτρων διὰ τὴν οἰκονομίαν τῆς χώρας. Οἱ ἐκπρόσωποι τῶν ἐνδιαφερομένων ὀργανώσεων ἐδήλωσαν ὅτι θὰ ὑποβάλουν τὰς παρατηρήσεις των.
Ο ΚΡΟΥΣΤΣΕΦ ΚΑΤΑΚΡΙΝΕΙ ΤΗΝ ΑΝΑΠΤΥΞΙΝ ΤΩΝ ΑΥΤΩΝ ΚΛΑΔΩΝ ΤΗΣ ΒΙΟΜΗΧΑΝΙΑΣ ΕΙΣ ΟΛΑΣ ΤΑΣ ΚΟΜΜΟΥΝΙΣΤΙΚΑΣ ΧΩΡΑΣ
Καὶ κηρύσσεται ὑπὲρ μιᾶς ἐλευθέρας οἰκονομικῆς «συσπειρώσεως» αὐτῶν
ΑΘΗΝΑΙ, 25. — Ὁ ἁρμόδιος ὑπουργὸς ἀνεκοίνωσεν ὅτι αἱ σχετικαὶ ἀποφάσεις θὰ ληφθοῦν ἐντὸς τῶν προσεχῶν ἡμερῶν. Κατὰ τὰς πληροφορίας, αἱ διαπραγματεύσεις συνεχίζονται καὶ ἀναμένεται ἡ ὑπογραφὴ τῆς συμφωνίας. Ἡ κυβέρνησις ἐξέφρασε τὴν ἱκανοποίησίν της διὰ τὴν πρόοδον τῶν ἐργασιῶν καὶ ὑπεγράμμισε τὴν σημασίαν τῶν μέτρων διὰ τὴν οἰκονομίαν τῆς χώρας. Οἱ ἐκπρόσωποι τῶν ἐνδιαφερομένων ὀργανώσεων ἐδήλωσαν ὅτι θὰ ὑποβάλουν τὰς παρατηρήσεις των.
ΑΘΗΝΑΙ, 25. — Ὁ ἁρμόδιος ὑπουργὸς ἀνεκοίνωσεν ὅτι αἱ σχετικαὶ ἀποφάσεις θὰ ληφθοῦν ἐντὸς τῶν προσεχῶν ἡμερῶν. Κατὰ τὰς πληροφορίας, αἱ διαπραγματεύσεις συνεχίζονται καὶ ἀναμένεται ἡ ὑπογραφὴ τῆς συμφωνίας. Ἡ κυβέρνησις ἐξέφρασε τὴν ἱκανοποίησίν της διὰ τὴν πρόοδον τῶν ἐργασιῶν καὶ ὑπεγράμμισε τὴν σημασίαν τῶν μέτρων διὰ τὴν οἰκονομίαν τῆς χώρας. Οἱ ἐκπρόσωποι τῶν ἐνδιαφερομένων ὀργανώσεων ἐδήλωσαν ὅτι θὰ ὑποβάλουν τὰς παρατηρήσεις των.
ΑΘΗΝΑΙ, 25. — Ὁ ἁρμόδιος ὑπουργὸς ἀνεκοίνωσεν ὅτι αἱ σχετικαὶ ἀποφάσεις θὰ ληφθοῦν ἐντὸς τῶν προσεχῶν ἡμερῶν. Κατὰ τὰς πληροφορίας, αἱ διαπραγματεύσεις συνεχίζονται καὶ ἀναμένεται ἡ ὑπογραφὴ τῆς συμφωνίας. Ἡ κυβέρνησις ἐξέφρασε τὴν ἱκανοποίησίν της διὰ τὴν πρόοδον τῶν ἐργασιῶν καὶ ὑπεγράμμισε τὴν σημασίαν τῶν μέτρων διὰ τὴν οἰκονομίαν τῆς χώρας. Οἱ ἐκπρόσωποι τῶν ἐνδιαφερομένων ὀργανώσεων ἐδήλωσαν ὅτι θὰ ὑποβάλουν τὰς παρατηρήσεις των.
ΑΘΗΝΑΙ, 25. — Ὁ ἁρμόδιος ὑπουργὸς ἀνεκοίνωσεν ὅτι αἱ σχετικαὶ ἀποφάσεις θὰ ληφθοῦν ἐντὸς τῶν προσεχῶν ἡμερῶν. Κατὰ τὰς πληροφορίας, αἱ διαπραγματεύσεις συνεχίζονται καὶ ἀναμένεται ἡ ὑπογραφὴ τῆς συμφωνίας. Ἡ κυβέρνησις ἐξέφρασε τὴν ἱκανοποίησίν της διὰ τὴν πρόοδον τῶν ἐργασιῶν καὶ ὑπεγράμμισε τὴν σημασίαν τῶν μέτρων διὰ τὴν οἰκονομίαν τῆς χώρας. Οἱ ἐκπρόσωποι τῶν ἐνδιαφερομένων ὀργανώσεων ἐδήλωσαν ὅτι θὰ ὑποβάλουν τὰς παρατηρήσεις των.
AI ΣΥΝΕΠΕΙΑI
ΑΘΗΝΑΙ, 25. — Ὁ ἁρμόδιος ὑπουργὸς ἀνεκοίνωσεν ὅτι αἱ σχετικαὶ ἀποφάσεις θὰ ληφθοῦν ἐντὸς τῶν προσεχῶν ἡμερῶν. Κατὰ τὰς πληροφορίας, αἱ διαπραγματεύσεις συνεχίζονται καὶ ἀναμένεται ἡ ὑπογραφὴ τῆς συμφωνίας. Ἡ κυβέρνησις ἐξέφρασε τὴν ἱκανοποίησίν της διὰ τὴν πρόοδον τῶν ἐργασιῶν καὶ ὑπεγράμμισε τὴν σημασίαν τῶν μέτρων διὰ τὴν οἰκονομίαν τῆς χώρας. Οἱ ἐκπρόσωποι τῶν ἐνδιαφερομένων ὀργανώσεων ἐδήλωσαν ὅτι θὰ ὑποβάλουν τὰς παρατηρήσεις των.
ΑΘΗΝΑΙ, 25. — Ὁ ἁρμόδιος ὑπουργὸς ἀνεκοίνωσεν ὅτι αἱ σχετικαὶ ἀποφάσεις θὰ ληφθοῦν ἐντὸς τῶν προσεχῶν ἡμερῶν. Κατὰ τὰς πληροφορίας, αἱ διαπραγματεύσεις συνεχίζονται καὶ ἀναμένεται ἡ ὑπογραφὴ τῆς συμφωνίας. Ἡ κυβέρνησις ἐξέφρασε τὴν ἱκανοποίησίν της διὰ τὴν πρόοδον τῶν ἐργασιῶν καὶ ὑπεγράμμισε τὴν σημασίαν τῶν μέτρων διὰ τὴν οἰκονομίαν τῆς χώρας. Οἱ ἐκπρόσωποι τῶν ἐνδιαφερομένων ὀργανώσεων ἐδήλωσαν ὅτι θὰ ὑποβάλουν τὰς παρατηρήσεις των.
Ο Κ. ΧΕΛΜΗΣ ΥΠΕΡΑΜΥΝΕΤΑΙ ΤΗΣ ΣΥΜΒΑΣΕΩΣ ΠΕΡΙ ΙΔΡΥΣΕΩΣ ΤΟΥ ΕΡΓΟΣΤΑΣΙΟΥ ΠΥΡΕΙΩΝ ΘΕΩΡΕΙ ΔΕ ΙΚΑΝΟΠΟΙΗΤΙΚΗΝ ΤΗΝ ΤΙΜΗΝ
ΑΘΗΝΑΙ, 25. — Ὁ ἁρμόδιος ὑπουργὸς ἀνεκοίνωσεν ὅτι αἱ σχετικαὶ ἀποφάσεις θὰ ληφθοῦν ἐντὸς τῶν προσεχῶν ἡμερῶν. Κατὰ τὰς πληροφορίας, αἱ διαπραγματεύσεις συνεχίζονται καὶ ἀναμένεται ἡ ὑπογραφὴ τῆς συμφωνίας. Ἡ κυβέρνησις ἐξέφρασε τὴν ἱκανοποίησίν της διὰ τὴν πρόοδον τῶν ἐργασιῶν καὶ ὑπεγράμμισε τὴν σημασίαν τῶν μέτρων διὰ τὴν οἰκονομίαν τῆς χώρας. Οἱ ἐκπρόσωποι τῶν ἐνδιαφερομένων ὀργανώσεων ἐδήλωσαν ὅτι θὰ ὑποβάλουν τὰς παρατηρήσεις των.
ΑΘΗΝΑΙ, 25. — Ὁ ἁρμόδιος ὑπουργὸς ἀνεκοίνωσεν ὅτι αἱ σχετικαὶ ἀποφάσεις θὰ ληφθοῦν ἐντὸς τῶν προσεχῶν ἡμερῶν. Κατὰ τὰς πληροφορίας, αἱ διαπραγματεύσεις συνεχίζονται καὶ ἀναμένεται ἡ ὑπογραφὴ τῆς συμφωνίας. Ἡ κυβέρνησις ἐξέφρασε τὴν ἱκανοποίησίν της διὰ τὴν πρόοδον τῶν ἐργασιῶν καὶ ὑπεγράμμισε τὴν σημασίαν τῶν μέτρων διὰ τὴν οἰκονομίαν τῆς χώρας. Οἱ ἐκπρόσωποι τῶν ἐνδιαφερομένων ὀργανώσεων ἐδήλωσαν ὅτι θὰ ὑποβάλουν τὰς παρατηρήσεις των.
ΑΘΗΝΑΙ, 25. — Ὁ ἁρμόδιος ὑπουργὸς ἀνεκοίνωσεν ὅτι αἱ σχετικαὶ ἀποφάσεις θὰ ληφθοῦν ἐντὸς τῶν προσεχῶν ἡμερῶν. Κατὰ τὰς πληροφορίας, αἱ διαπραγματεύσεις συνεχίζονται καὶ ἀναμένεται ἡ ὑπογραφὴ τῆς συμφωνίας. Ἡ κυβέρνησις ἐξέφρασε τὴν ἱκανοποίησίν της διὰ τὴν πρόοδον τῶν ἐργασιῶν καὶ ὑπεγράμμισε τὴν σημασίαν τῶν μέτρων διὰ τὴν οἰκονομίαν τῆς χώρας. Οἱ ἐκπρόσωποι τῶν ἐνδιαφερομένων ὀργανώσεων ἐδήλωσαν ὅτι θὰ ὑποβάλουν τὰς παρατηρήσεις των.
ΑΘΗΝΑΙ, 25. — Ὁ ἁρμόδιος ὑπουργὸς ἀνεκοίνωσεν ὅτι αἱ σχετικαὶ ἀποφάσεις θὰ ληφθοῦν ἐντὸς τῶν προσεχῶν ἡμερῶν. Κατὰ τὰς πληροφορίας, αἱ διαπραγματεύσεις συνεχίζονται καὶ ἀναμένεται ἡ ὑπογραφὴ τῆς συμφωνίας. Ἡ κυβέρνησις ἐξέφρασε τὴν ἱκανοποίησίν της διὰ τὴν πρόοδον τῶν ἐργασιῶν καὶ ὑπεγράμμισε τὴν σημασίαν τῶν μέτρων διὰ τὴν οἰκονομίαν τῆς χώρας. Οἱ ἐκπρόσωποι τῶν ἐνδιαφερομένων ὀργανώσεων ἐδήλωσαν ὅτι θὰ ὑποβάλουν τὰς παρατηρήσεις των.
ΤΟ ΙΣΤΟΡΙΚΟΝ
ΑΘΗΝΑΙ, 25. — Ὁ ἁρμόδιος ὑπουργὸς ἀνεκοίνωσεν ὅτι αἱ σχετικαὶ ἀποφάσεις θὰ ληφθοῦν ἐντὸς τῶν προσεχῶν ἡμερῶν. Κατὰ τὰς πληροφορίας, αἱ διαπραγματεύσεις συνεχίζονται καὶ ἀναμένεται ἡ ὑπογραφὴ τῆς συμφωνίας. Ἡ κυβέρνησις ἐξέφρασε τὴν ἱκανοποίησίν της διὰ τὴν πρόοδον τῶν ἐργασιῶν καὶ ὑπεγράμμισε τὴν σημασίαν τῶν μέτρων διὰ τὴν οἰκονομίαν τῆς χώρας. Οἱ ἐκπρόσωποι τῶν ἐνδιαφερομένων ὀργανώσεων ἐδήλωσαν ὅτι θὰ ὑποβάλουν τὰς παρατηρήσεις των.
ΑΘΗΝΑΙ, 25. — Ὁ ἁρμόδιος ὑπουργὸς ἀνεκοίνωσεν ὅτι αἱ σχετικαὶ ἀποφάσεις θὰ ληφθοῦν ἐντὸς τῶν προσεχῶν ἡμερῶν. Κατὰ τὰς πληροφορίας, αἱ διαπραγματεύσεις συνεχίζονται καὶ ἀναμένεται ἡ ὑπογραφὴ τῆς συμφωνίας. Ἡ κυβέρνησις ἐξέφρασε τὴν ἱκανοποίησίν της διὰ τὴν πρόοδον τῶν ἐργασιῶν καὶ ὑπεγράμμισε τὴν σημασίαν τῶν μέτρων διὰ τὴν οἰκονομίαν τῆς χώρας. Οἱ ἐκπρόσωποι τῶν ἐνδιαφερομένων ὀργανώσεων ἐδήλωσαν ὅτι θὰ ὑποβάλουν τὰς παρατηρήσεις των.
AI ΤΙΜΑI
Ο ΧΑΡΝΤΙΝΓΚ ΦΟΒΕΙΤΑΙ ΟΤΙ Η ΔΙΧΟΤΟΜΗΣΙΣ ΘΑ ΕΧΗ ΩΣ ΑΠΟΤΕΛΕΣΜΑ ΚΟΙΝΩΝΙΚΑΣ ΕΚΔΗΛΩΣΕΙΣ
ΣΥΝΕΧΕΙΑ
ΑΘΗΝΑΙ, 25. — Ὁ ἁρμόδιος ὑπουργὸς ἀνεκοίνωσεν ὅτι αἱ σχετικαὶ ἀποφάσεις θὰ ληφθοῦν ἐντὸς τῶν προσεχῶν ἡμερῶν. Κατὰ τὰς πληροφορίας, αἱ διαπραγματεύσεις συνεχίζονται καὶ ἀναμένεται ἡ ὑπογραφὴ τῆς συμφωνίας. Ἡ κυβέρνησις ἐξέφρασε τὴν ἱκανοποίησίν της διὰ τὴν πρόοδον τῶν ἐργασιῶν καὶ ὑπεγράμμισε τὴν σημασίαν τῶν μέτρων διὰ τὴν οἰκονομίαν τῆς χώρας. Οἱ ἐκπρόσωποι τῶν ἐνδιαφερομένων ὀργανώσεων ἐδήλωσαν ὅτι θὰ ὑποβάλουν τὰς παρατηρήσεις των.
ΑΠΟΡΡΙΠΤΕΙ ΔΙΧΟΤΟΜΗΣΙΝ
ΑΘΗΝΑΙ, 25. — Ὁ ἁρμόδιος ὑπουργὸς ἀνεκοίνωσεν ὅτι αἱ σχετικαὶ ἀποφάσεις θὰ ληφθοῦν ἐντὸς τῶν προσεχῶν ἡμερῶν. Κατὰ τὰς πληροφορίας, αἱ διαπραγματεύσεις συνεχίζονται καὶ ἀναμένεται ἡ ὑπογραφὴ τῆς συμφωνίας. Ἡ κυβέρνησις ἐξέφρασε τὴν ἱκανοποίησίν της διὰ τὴν πρόοδον τῶν ἐργασιῶν καὶ ὑπεγράμμισε τὴν σημασίαν τῶν μέτρων διὰ τὴν οἰκονομίαν τῆς χώρας. Οἱ ἐκπρόσωποι τῶν ἐνδιαφερομένων ὀργανώσεων ἐδήλωσαν ὅτι θὰ ὑποβάλουν τὰς παρατηρήσεις των.
ΕΚΘΕΣΙΣ ΤΟΥ ΧΑΡΝΤΙΝΓΚ
ΑΘΗΝΑΙ, 25. — Ὁ ἁρμόδιος ὑπουργὸς ἀνεκοίνωσεν ὅτι αἱ σχετικαὶ ἀποφάσεις θὰ ληφθοῦν ἐντὸς τῶν προσεχῶν ἡμερῶν. Κατὰ τὰς πληροφορίας, αἱ διαπραγματεύσεις συνεχίζονται καὶ ἀναμένεται ἡ ὑπογραφὴ τῆς συμφωνίας. Ἡ κυβέρνησις ἐξέφρασε τὴν ἱκανοποίησίν της διὰ τὴν πρόοδον τῶν ἐργασιῶν καὶ ὑπεγράμμισε τὴν σημασίαν τῶν μέτρων διὰ τὴν οἰκονομίαν τῆς χώρας. Οἱ ἐκπρόσωποι τῶν ἐνδιαφερομένων ὀργανώσεων ἐδήλωσαν ὅτι θὰ ὑποβάλουν τὰς παρατηρήσεις των.
ΑΘΗΝΑΙ, 25. — Ὁ ἁρμόδιος ὑπουργὸς ἀνεκοίνωσεν ὅτι αἱ σχετικαὶ ἀποφάσεις θὰ ληφθοῦν ἐντὸς τῶν προσεχῶν ἡμερῶν. Κατὰ τὰς πληροφορίας, αἱ διαπραγματεύσεις συνεχίζονται καὶ ἀναμένεται ἡ ὑπογραφὴ τῆς συμφωνίας. Ἡ κυβέρνησις ἐξέφρασε τὴν ἱκανοποίησίν της διὰ τὴν πρόοδον τῶν ἐργασιῶν καὶ ὑπεγράμμισε τὴν σημασίαν τῶν μέτρων διὰ τὴν οἰκονομίαν τῆς χώρας. Οἱ ἐκπρόσωποι τῶν ἐνδιαφερομένων ὀργανώσεων ἐδήλωσαν ὅτι θὰ ὑποβάλουν τὰς παρατηρήσεις των.
ΕΛΕΥΘΕΡΩΘΗΣΑΝ ΔΥΟ ΤΟΥΡΚΟΙ
ΑΘΗΝΑΙ, 25. — Ὁ ἁρμόδιος ὑπουργὸς ἀνεκοίνωσεν ὅτι αἱ σχετικαὶ ἀποφάσεις θὰ ληφθοῦν ἐντὸς τῶν προσεχῶν ἡμερῶν. Κατὰ τὰς πληροφορίας, αἱ διαπραγματεύσεις συνεχίζονται καὶ ἀναμένεται ἡ ὑπογραφὴ τῆς συμφωνίας. Ἡ κυβέρνησις ἐξέφρασε τὴν ἱκανοποίησίν της διὰ τὴν πρόοδον τῶν ἐργασιῶν καὶ ὑπεγράμμισε τὴν σημασίαν τῶν μέτρων διὰ τὴν οἰκονομίαν τῆς χώρας. Οἱ ἐκπρόσωποι τῶν ἐνδιαφερομένων ὀργανώσεων ἐδήλωσαν ὅτι θὰ ὑποβάλουν τὰς παρατηρήσεις των.
ΔΕΝ ΘΑ ΓΙΝΗ ΔΙΑΒΗΜΑ
ΑΘΗΝΑΙ, 25. — Ὁ ἁρμόδιος ὑπουργὸς ἀνεκοίνωσεν ὅτι αἱ σχετικαὶ ἀποφάσεις θὰ ληφθοῦν ἐντὸς τῶν προσεχῶν ἡμερῶν. Κατὰ τὰς πληροφορίας, αἱ διαπραγματεύσεις συνεχίζονται καὶ ἀναμένεται ἡ ὑπογραφὴ τῆς συμφωνίας. Ἡ κυβέρνησις ἐξέφρασε τὴν ἱκανοποίησίν της διὰ τὴν πρόοδον τῶν ἐργασιῶν καὶ ὑπεγράμμισε τὴν σημασίαν τῶν μέτρων διὰ τὴν οἰκονομίαν τῆς χώρας. Οἱ ἐκπρόσωποι τῶν ἐνδιαφερομένων ὀργανώσεων ἐδήλωσαν ὅτι θὰ ὑποβάλουν τὰς παρατηρήσεις των.
ΑΘΗΝΑΙ, 25. — Ὁ ἁρμόδιος ὑπουργὸς ἀνεκοίνωσεν ὅτι αἱ σχετικαὶ ἀποφάσεις θὰ ληφθοῦν ἐντὸς τῶν προσεχῶν ἡμερῶν. Κατὰ τὰς πληροφορίας, αἱ διαπραγματεύσεις συνεχίζονται καὶ ἀναμένεται ἡ ὑπογραφὴ τῆς συμφωνίας. Ἡ κυβέρνησις ἐξέφρασε τὴν ἱκανοποίησίν της διὰ τὴν πρόοδον τῶν ἐργασιῶν καὶ ὑπεγράμμισε τὴν σημασίαν τῶν μέτρων διὰ τὴν οἰκονομίαν τῆς χώρας. Οἱ ἐκπρόσωποι τῶν ἐνδιαφερομένων ὀργανώσεων ἐδήλωσαν ὅτι θὰ ὑποβάλουν τὰς παρατηρήσεις των.
ΕΥΧΕΣΑΙ ΟΙ ΣΚΥΛΟΙ
ΑΘΗΝΑΙ, 25. — Ὁ ἁρμόδιος ὑπουργὸς ἀνεκοίνωσεν ὅτι αἱ σχετικαὶ ἀποφάσεις θὰ ληφθοῦν ἐντὸς τῶν προσεχῶν ἡμερῶν. Κατὰ τὰς πληροφορίας, αἱ διαπραγματεύσεις συνεχίζονται καὶ ἀναμένεται ἡ ὑπογραφὴ τῆς συμφωνίας. Ἡ κυβέρνησις ἐξέφρασε τὴν ἱκανοποίησίν της διὰ τὴν πρόοδον τῶν ἐργασιῶν καὶ ὑπεγράμμισε τὴν σημασίαν τῶν μέτρων διὰ τὴν οἰκονομίαν τῆς χώρας. Οἱ ἐκπρόσωποι τῶν ἐνδιαφερομένων ὀργανώσεων ἐδήλωσαν ὅτι θὰ ὑποβάλουν τὰς παρατηρήσεις των.
Η ΕΠΙΤΡΟΠΗ ΔΙΚΑΙΩΜΑΤΩΝ
ΑΘΗΝΑΙ, 25. — Ὁ ἁρμόδιος ὑπουργὸς ἀνεκοίνωσεν ὅτι αἱ σχετικαὶ ἀποφάσεις θὰ ληφθοῦν ἐντὸς τῶν προσεχῶν ἡμερῶν. Κατὰ τὰς πληροφορίας, αἱ διαπραγματεύσεις συνεχίζονται καὶ ἀναμένεται ἡ ὑπογραφὴ τῆς συμφωνίας. Ἡ κυβέρνησις ἐξέφρασε τὴν ἱκανοποίησίν της διὰ τὴν πρόοδον τῶν ἐργασιῶν καὶ ὑπεγράμμισε τὴν σημασίαν τῶν μέτρων διὰ τὴν οἰκονομίαν τῆς χώρας. Οἱ ἐκπρόσωποι τῶν ἐνδιαφερομένων ὀργανώσεων ἐδήλωσαν ὅτι θὰ ὑποβάλουν τὰς παρατηρήσεις των.
ΟΙ ΑΜΕΡΙΚΑΝΟΙ ΑΡΝΟΥΝΤΑΙ ΚΑΘΕ ΑΝΑΜΙΞΙΝ ΕΙΣ ΤΗΝ ΕΠΑΝΑΣΤΑΣΙΝ ΤΟΥ ΙΜΑΜΗ ΤΟΥ ΟΜΑΝ
ΑΘΗΝΑΙ, 25. — Ὁ ἁρμόδιος ὑπουργὸς ἀνεκοίνωσεν ὅτι αἱ σχετικαὶ ἀποφάσεις θὰ ληφθοῦν ἐντὸς τῶν προσεχῶν ἡμερῶν. Κατὰ τὰς πληροφορίας, αἱ διαπραγματεύσεις συνεχίζονται καὶ ἀναμένεται ἡ ὑπογραφὴ τῆς συμφωνίας. Ἡ κυβέρνησις ἐξέφρασε τὴν ἱκανοποίησίν της διὰ τὴν πρόοδον τῶν ἐργασιῶν καὶ ὑπεγράμμισε τὴν σημασίαν τῶν μέτρων διὰ τὴν οἰκονομίαν τῆς χώρας. Οἱ ἐκπρόσωποι τῶν ἐνδιαφερομένων ὀργανώσεων ἐδήλωσαν ὅτι θὰ ὑποβάλουν τὰς παρατηρήσεις των.
ΑΘΗΝΑΙ, 25. — Ὁ ἁρμόδιος ὑπουργὸς ἀνεκοίνωσεν ὅτι αἱ σχετικαὶ ἀποφάσεις θὰ ληφθοῦν ἐντὸς τῶν προσεχῶν ἡμερῶν. Κατὰ τὰς πληροφορίας, αἱ διαπραγματεύσεις συνεχίζονται καὶ ἀναμένεται ἡ ὑπογραφὴ τῆς συμφωνίας. Ἡ κυβέρνησις ἐξέφρασε τὴν ἱκανοποίησίν της διὰ τὴν πρόοδον τῶν ἐργασιῶν καὶ ὑπεγράμμισε τὴν σημασίαν τῶν μέτρων διὰ τὴν οἰκονομίαν τῆς χώρας. Οἱ ἐκπρόσωποι τῶν ἐνδιαφερομένων ὀργανώσεων ἐδήλωσαν ὅτι θὰ ὑποβάλουν τὰς παρατηρήσεις των.
ΤΑ ΠΕΡΙ ΑΝΑΚΩΣΗΣ
ΑΘΗΝΑΙ, 25. — Ὁ ἁρμόδιος ὑπουργὸς ἀνεκοίνωσεν ὅτι αἱ σχετικαὶ ἀποφάσεις θὰ ληφθοῦν ἐντὸς τῶν προσεχῶν ἡμερῶν. Κατὰ τὰς πληροφορίας, αἱ διαπραγματεύσεις συνεχίζονται καὶ ἀναμένεται ἡ ὑπογραφὴ τῆς συμφωνίας. Ἡ κυβέρνησις ἐξέφρασε τὴν ἱκανοποίησίν της διὰ τὴν πρόοδον τῶν ἐργασιῶν καὶ ὑπεγράμμισε τὴν σημασίαν τῶν μέτρων διὰ τὴν οἰκονομίαν τῆς χώρας. Οἱ ἐκπρόσωποι τῶν ἐνδιαφερομένων ὀργανώσεων ἐδήλωσαν ὅτι θὰ ὑποβάλουν τὰς παρατηρήσεις των.
ΡΩΣΣΙΚΑ ΣΧΟΛΙΑ
ΑΘΗΝΑΙ, 25. — Ὁ ἁρμόδιος ὑπουργὸς ἀνεκοίνωσεν ὅτι αἱ σχετικαὶ ἀποφάσεις θὰ ληφθοῦν ἐντὸς τῶν προσεχῶν ἡμερῶν. Κατὰ τὰς πληροφορίας, αἱ διαπραγματεύσεις συνεχίζονται καὶ ἀναμένεται ἡ ὑπογραφὴ τῆς συμφωνίας. Ἡ κυβέρνησις ἐξέφρασε τὴν ἱκανοποίησίν της διὰ τὴν πρόοδον τῶν ἐργασιῶν καὶ ὑπεγράμμισε τὴν σημασίαν τῶν μέτρων διὰ τὴν οἰκονομίαν τῆς χώρας. Οἱ ἐκπρόσωποι τῶν ἐνδιαφερομένων ὀργανώσεων ἐδήλωσαν ὅτι θὰ ὑποβάλουν τὰς παρατηρήσεις των.
ΑΘΗΝΑΙ, 25. — Ὁ ἁρμόδιος ὑπουργὸς ἀνεκοίνωσεν ὅτι αἱ σχετικαὶ ἀποφάσεις θὰ ληφθοῦν ἐντὸς τῶν προσεχῶν ἡμερῶν. Κατὰ τὰς πληροφορίας, αἱ διαπραγματεύσεις συνεχίζονται καὶ ἀναμένεται ἡ ὑπογραφὴ τῆς συμφωνίας. Ἡ κυβέρνησις ἐξέφρασε τὴν ἱκανοποίησίν της διὰ τὴν πρόοδον τῶν ἐργασιῶν καὶ ὑπεγράμμισε τὴν σημασίαν τῶν μέτρων διὰ τὴν οἰκονομίαν τῆς χώρας. Οἱ ἐκπρόσωποι τῶν ἐνδιαφερομένων ὀργανώσεων ἐδήλωσαν ὅτι θὰ ὑποβάλουν τὰς παρατηρήσεις των.
Η ΠΡΑΓΑ
ΑΘΗΝΑΙ, 25. — Ὁ ἁρμόδιος ὑπουργὸς ἀνεκοίνωσεν ὅτι αἱ σχετικαὶ ἀποφάσεις θὰ ληφθοῦν ἐντὸς τῶν προσεχῶν ἡμερῶν. Κατὰ τὰς πληροφορίας, αἱ διαπραγματεύσεις συνεχίζονται καὶ ἀναμένεται ἡ ὑπογραφὴ τῆς συμφωνίας. Ἡ κυβέρνησις ἐξέφρασε τὴν ἱκανοποίησίν της διὰ τὴν πρόοδον τῶν ἐργασιῶν καὶ ὑπεγράμμισε τὴν σημασίαν τῶν μέτρων διὰ τὴν οἰκονομίαν τῆς χώρας. Οἱ ἐκπρόσωποι τῶν ἐνδιαφερομένων ὀργανώσεων ἐδήλωσαν ὅτι θὰ ὑποβάλουν τὰς παρατηρήσεις των.
ΑΝΤΕΠΑΝΑΣΤΑΤΙΚΗ ΟΡΓΑΝΩΣΙΣ ΕΝΙΣΧΥΟΜΕΝΗ ΕΞΩΘΕΝ ΑΝΕΚΑΛΥΦΘΗ ΕΙΣ ΤΗΝ ΚΙΝΑΝ
Οἱ συλληφθέντες θὰ προσαχθοῦν εἰς τὸ λαϊκὸν δικαστήριον
ΑΘΗΝΑΙ, 25. — Ὁ ἁρμόδιος ὑπουργὸς ἀνεκοίνωσεν ὅτι αἱ σχετικαὶ ἀποφάσεις θὰ ληφθοῦν ἐντὸς τῶν προσεχῶν ἡμερῶν. Κατὰ τὰς πληροφορίας, αἱ διαπραγματεύσεις συνεχίζονται καὶ ἀναμένεται ἡ ὑπογραφὴ τῆς συμφωνίας. Ἡ κυβέρνησις ἐξέφρασε τὴν ἱκανοποίησίν της διὰ τὴν πρόοδον τῶν ἐργασιῶν καὶ ὑπεγράμμισε τὴν σημασίαν τῶν μέτρων διὰ τὴν οἰκονομίαν τῆς χώρας. Οἱ ἐκπρόσωποι τῶν ἐνδιαφερομένων ὀργανώσεων ἐδήλωσαν ὅτι θὰ ὑποβάλουν τὰς παρατηρήσεις των.
AI ΠΑΡΕΚΚΛΙΣΕΙΣ
ΑΘΗΝΑΙ, 25. — Ὁ ἁρμόδιος ὑπουργὸς ἀνεκοίνωσεν ὅτι αἱ σχετικαὶ ἀποφάσεις θὰ ληφθοῦν ἐντὸς τῶν προσεχῶν ἡμερῶν. Κατὰ τὰς πληροφορίας, αἱ διαπραγματεύσεις συνεχίζονται καὶ ἀναμένεται ἡ ὑπογραφὴ τῆς συμφωνίας. Ἡ κυβέρνησις ἐξέφρασε τὴν ἱκανοποίησίν της διὰ τὴν πρόοδον τῶν ἐργασιῶν καὶ ὑπεγράμμισε τὴν σημασίαν τῶν μέτρων διὰ τὴν οἰκονομίαν τῆς χώρας. Οἱ ἐκπρόσωποι τῶν ἐνδιαφερομένων ὀργανώσεων ἐδήλωσαν ὅτι θὰ ὑποβάλουν τὰς παρατηρήσεις των.
Ο ΖΟΡΙΝ ΘΑ ΜΕΛΕΤΗΣΗ ΤΗΝ ΠΡΟΤΑΣΙΝ ΣΤΑΣΣΕΝ ΙΔΡΥΣΕΩΣ ΕΠΙΤΡΟΠΗΣ ΔΙΑ ΤΟΥΣ ΜΕΓΙΣΤΗΣ ΑΚΤΙΝΟΣ ΤΗΛΕΚΑΤΕΥΘΥΝΟΜΕΝΟΥΣ ΠΥΡΑΥΛΟΥΣ
ΑΘΗΝΑΙ, 25. — Ὁ ἁρμόδιος ὑπουργὸς ἀνεκοίνωσεν ὅτι αἱ σχετικαὶ ἀποφάσεις θὰ ληφθοῦν ἐντὸς τῶν προσεχῶν ἡμερῶν. Κατὰ τὰς πληροφορίας, αἱ διαπραγματεύσεις συνεχίζονται καὶ ἀναμένεται ἡ ὑπογραφὴ τῆς συμφωνίας. Ἡ κυβέρνησις ἐξέφρασε τὴν ἱκανοποίησίν της διὰ τὴν πρόοδον τῶν ἐργασιῶν καὶ ὑπεγράμμισε τὴν σημασίαν τῶν μέτρων διὰ τὴν οἰκονομίαν τῆς χώρας. Οἱ ἐκπρόσωποι τῶν ἐνδιαφερομένων ὀργανώσεων ἐδήλωσαν ὅτι θὰ ὑποβάλουν τὰς παρατηρήσεις των.
«ΠΡΑΒΔΑ» ΕΠΙΤΙΘΕΤΑΙ
ΑΘΗΝΑΙ, 25. — Ὁ ἁρμόδιος ὑπουργὸς ἀνεκοίνωσεν ὅτι αἱ σχετικαὶ ἀποφάσεις θὰ ληφθοῦν ἐντὸς τῶν προσεχῶν ἡμερῶν. Κατὰ τὰς πληροφορίας, αἱ διαπραγματεύσεις συνεχίζονται καὶ ἀναμένεται ἡ ὑπογραφὴ τῆς συμφωνίας. Ἡ κυβέρνησις ἐξέφρασε τὴν ἱκανοποίησίν της διὰ τὴν πρόοδον τῶν ἐργασιῶν καὶ ὑπεγράμμισε τὴν σημασίαν τῶν μέτρων διὰ τὴν οἰκονομίαν τῆς χώρας. Οἱ ἐκπρόσωποι τῶν ἐνδιαφερομένων ὀργανώσεων ἐδήλωσαν ὅτι θὰ ὑποβάλουν τὰς παρατηρήσεις των.
ΑΘΗΝΑΙ, 25. — Ὁ ἁρμόδιος ὑπουργὸς ἀνεκοίνωσεν ὅτι αἱ σχετικαὶ ἀποφάσεις θὰ ληφθοῦν ἐντὸς τῶν προσεχῶν ἡμερῶν. Κατὰ τὰς πληροφορίας, αἱ διαπραγματεύσεις συνεχίζονται καὶ ἀναμένεται ἡ ὑπογραφὴ τῆς συμφωνίας. Ἡ κυβέρνησις ἐξέφρασε τὴν ἱκανοποίησίν της διὰ τὴν πρόοδον τῶν ἐργασιῶν καὶ ὑπεγράμμισε τὴν σημασίαν τῶν μέτρων διὰ τὴν οἰκονομίαν τῆς χώρας. Οἱ ἐκπρόσωποι τῶν ἐνδιαφερομένων ὀργανώσεων ἐδήλωσαν ὅτι θὰ ὑποβάλουν τὰς παρατηρήσεις των.
ΑΘΗΝΑΙ, 25. — Ὁ ἁρμόδιος ὑπουργὸς ἀνεκοίνωσεν ὅτι αἱ σχετικαὶ ἀποφάσεις θὰ ληφθοῦν ἐντὸς τῶν προσεχῶν ἡμερῶν. Κατὰ τὰς πληροφορίας, αἱ διαπραγματεύσεις συνεχίζονται καὶ ἀναμένεται ἡ ὑπογραφὴ τῆς συμφωνίας. Ἡ κυβέρνησις ἐξέφρασε τὴν ἱκανοποίησίν της διὰ τὴν πρόοδον τῶν ἐργασιῶν καὶ ὑπεγράμμισε τὴν σημασίαν τῶν μέτρων διὰ τὴν οἰκονομίαν τῆς χώρας. Οἱ ἐκπρόσωποι τῶν ἐνδιαφερομένων ὀργανώσεων ἐδήλωσαν ὅτι θὰ ὑποβάλουν τὰς παρατηρήσεις των.
ΕΙΣ ΤΟ ΕΞΩΤΕΡΙΚΟΝ ΟΙ ΑΜΕΡΙΚΑΝΟΙ ΤΙΜΩΡΟΥΝΤΑΙ ΑΠΟ ΤΑ ΔΙΚΑΣΤΗΡΙΑ ΜΕ ΠΡΟΣΤΙΜΟΝ ΚΑΙ ΟΧΙ ΜΕ ΦΥΛΑΚΙΣΙΝ
ΑΘΗΝΑΙ, 25. — Ὁ ἁρμόδιος ὑπουργὸς ἀνεκοίνωσεν ὅτι αἱ σχετικαὶ ἀποφάσεις θὰ ληφθοῦν ἐντὸς τῶν προσεχῶν ἡμερῶν. Κατὰ τὰς πληροφορίας, αἱ διαπραγματεύσεις συνεχίζονται καὶ ἀναμένεται ἡ ὑπογραφὴ τῆς συμφωνίας. Ἡ κυβέρνησις ἐξέφρασε τὴν ἱκανοποίησίν της διὰ τὴν πρόοδον τῶν ἐργασιῶν καὶ ὑπεγράμμισε τὴν σημασίαν τῶν μέτρων διὰ τὴν οἰκονομίαν τῆς χώρας. Οἱ ἐκπρόσωποι τῶν ἐνδιαφερομένων ὀργανώσεων ἐδήλωσαν ὅτι θὰ ὑποβάλουν τὰς παρατηρήσεις των.
ΑΘΗΝΑΙ, 25. — Ὁ ἁρμόδιος ὑπουργὸς ἀνεκοίνωσεν ὅτι αἱ σχετικαὶ ἀποφάσεις θὰ ληφθοῦν ἐντὸς τῶν προσεχῶν ἡμερῶν. Κατὰ τὰς πληροφορίας, αἱ διαπραγματεύσεις συνεχίζονται καὶ ἀναμένεται ἡ ὑπογραφὴ τῆς συμφωνίας. Ἡ κυβέρνησις ἐξέφρασε τὴν ἱκανοποίησίν της διὰ τὴν πρόοδον τῶν ἐργασιῶν καὶ ὑπεγράμμισε τὴν σημασίαν τῶν μέτρων διὰ τὴν οἰκονομίαν τῆς χώρας. Οἱ ἐκπρόσωποι τῶν ἐνδιαφερομένων ὀργανώσεων ἐδήλωσαν ὅτι θὰ ὑποβάλουν τὰς παρατηρήσεις των.
ΑΠΕΣΤΑΛΗ ΠΡΟΣ ΤΟΝ Κ. ΩΝΑΣΗΝ ΤΟ ΣΧΕΔΙΟΝ ΔΙΑ ΤΟΝ ΠΕΤΡΕΛΑΙΑΓΩΓΟΝ & ΤΑΣ ΔΕΞΑΜΕΝΑΣ
Τὰ 51% τῶν κεφαλαίων, αἰγυπτιακά
ΑΘΗΝΑΙ, 25. — Ὁ ἁρμόδιος ὑπουργὸς ἀνεκοίνωσεν ὅτι αἱ σχετικαὶ ἀποφάσεις θὰ ληφθοῦν ἐντὸς τῶν προσεχῶν ἡμερῶν. Κατὰ τὰς πληροφορίας, αἱ διαπραγματεύσεις συνεχίζονται καὶ ἀναμένεται ἡ ὑπογραφὴ τῆς συμφωνίας. Ἡ κυβέρνησις ἐξέφρασε τὴν ἱκανοποίησίν της διὰ τὴν πρόοδον τῶν ἐργασιῶν καὶ ὑπεγράμμισε τὴν σημασίαν τῶν μέτρων διὰ τὴν οἰκονομίαν τῆς χώρας. Οἱ ἐκπρόσωποι τῶν ἐνδιαφερομένων ὀργανώσεων ἐδήλωσαν ὅτι θὰ ὑποβάλουν τὰς παρατηρήσεις των.
ΑΘΗΝΑΙ, 25. — Ὁ ἁρμόδιος ὑπουργὸς ἀνεκοίνωσεν ὅτι αἱ σχετικαὶ ἀποφάσεις θὰ ληφθοῦν ἐντὸς τῶν προσεχῶν ἡμερῶν. Κατὰ τὰς πληροφορίας, αἱ διαπραγματεύσεις συνεχίζονται καὶ ἀναμένεται ἡ ὑπογραφὴ τῆς συμφωνίας. Ἡ κυβέρνησις ἐξέφρασε τὴν ἱκανοποίησίν της διὰ τὴν πρόοδον τῶν ἐργασιῶν καὶ ὑπεγράμμισε τὴν σημασίαν τῶν μέτρων διὰ τὴν οἰκονομίαν τῆς χώρας. Οἱ ἐκπρόσωποι τῶν ἐνδιαφερομένων ὀργανώσεων ἐδήλωσαν ὅτι θὰ ὑποβάλουν τὰς παρατηρήσεις των.
ΕΦΘΑΣΕ ΤΟ ΠΡΟ ΤΗΣ ΕΙΣΟΔΙΑΣ ΑΝΩΤΑΤΟΝ ΟΡΙΟΝ Η ΔΙΕΛΕΥΣΙΣ ΠΛΟΙΩΝ ΔΙΑ ΤΗΣ ΔΙΩΡΥΓΟΣ ΤΟΥ ΣΟΥΕΖ
ΑΘΗΝΑΙ, 25. — Ὁ ἁρμόδιος ὑπουργὸς ἀνεκοίνωσεν ὅτι αἱ σχετικαὶ ἀποφάσεις θὰ ληφθοῦν ἐντὸς τῶν προσεχῶν ἡμερῶν. Κατὰ τὰς πληροφορίας, αἱ διαπραγματεύσεις συνεχίζονται καὶ ἀναμένεται ἡ ὑπογραφὴ τῆς συμφωνίας. Ἡ κυβέρνησις ἐξέφρασε τὴν ἱκανοποίησίν της διὰ τὴν πρόοδον τῶν ἐργασιῶν καὶ ὑπεγράμμισε τὴν σημασίαν τῶν μέτρων διὰ τὴν οἰκονομίαν τῆς χώρας. Οἱ ἐκπρόσωποι τῶν ἐνδιαφερομένων ὀργανώσεων ἐδήλωσαν ὅτι θὰ ὑποβάλουν τὰς παρατηρήσεις των.
ΕΝΕΡΓΕΙΑΙ ΤΟΥ ΙΣΡΑΗΛ
ΑΘΗΝΑΙ, 25. — Ὁ ἁρμόδιος ὑπουργὸς ἀνεκοίνωσεν ὅτι αἱ σχετικαὶ ἀποφάσεις θὰ ληφθοῦν ἐντὸς τῶν προσεχῶν ἡμερῶν. Κατὰ τὰς πληροφορίας, αἱ διαπραγματεύσεις συνεχίζονται καὶ ἀναμένεται ἡ ὑπογραφὴ τῆς συμφωνίας. Ἡ κυβέρνησις ἐξέφρασε τὴν ἱκανοποίησίν της διὰ τὴν πρόοδον τῶν ἐργασιῶν καὶ ὑπεγράμμισε τὴν σημασίαν τῶν μέτρων διὰ τὴν οἰκονομίαν τῆς χώρας. Οἱ ἐκπρόσωποι τῶν ἐνδιαφερομένων ὀργανώσεων ἐδήλωσαν ὅτι θὰ ὑποβάλουν τὰς παρατηρήσεις των.
ΑΝΕΚΟΙΝΩΘΗ ΕΠΙΣΗΜΩΣ ΕΙΣ ΤΟΥΣ ΞΕΝΟΥΣ Η ΕΝ ΤΥΝΙΔΙ ΜΕΤΑΒΟΛΗ ΤΟΥ ΚΑΘΕΣΤΩΤΟΣ
ΑΘΗΝΑΙ, 25. — Ὁ ἁρμόδιος ὑπουργὸς ἀνεκοίνωσεν ὅτι αἱ σχετικαὶ ἀποφάσεις θὰ ληφθοῦν ἐντὸς τῶν προσεχῶν ἡμερῶν. Κατὰ τὰς πληροφορίας, αἱ διαπραγματεύσεις συνεχίζονται καὶ ἀναμένεται ἡ ὑπογραφὴ τῆς συμφωνίας. Ἡ κυβέρνησις ἐξέφρασε τὴν ἱκανοποίησίν της διὰ τὴν πρόοδον τῶν ἐργασιῶν καὶ ὑπεγράμμισε τὴν σημασίαν τῶν μέτρων διὰ τὴν οἰκονομίαν τῆς χώρας. Οἱ ἐκπρόσωποι τῶν ἐνδιαφερομένων ὀργανώσεων ἐδήλωσαν ὅτι θὰ ὑποβάλουν τὰς παρατηρήσεις των.
ΕΠΙΣΗΜΟΣ ΑΝΑΓΓΕΛΙΑ
ΠΟΥ ΑΠΕΣΥΡΘΗ Ο ΒΕΗΣ
ΑΘΗΝΑΙ, 25. — Ὁ ἁρμόδιος ὑπουργὸς ἀνεκοίνωσεν ὅτι αἱ σχετικαὶ ἀποφάσεις θὰ ληφθοῦν ἐντὸς τῶν προσεχῶν ἡμερῶν. Κατὰ τὰς πληροφορίας, αἱ διαπραγματεύσεις συνεχίζονται καὶ ἀναμένεται ἡ ὑπογραφὴ τῆς συμφωνίας. Ἡ κυβέρνησις ἐξέφρασε τὴν ἱκανοποίησίν της διὰ τὴν πρόοδον τῶν ἐργασιῶν καὶ ὑπεγράμμισε τὴν σημασίαν τῶν μέτρων διὰ τὴν οἰκονομίαν τῆς χώρας. Οἱ ἐκπρόσωποι τῶν ἐνδιαφερομένων ὀργανώσεων ἐδήλωσαν ὅτι θὰ ὑποβάλουν τὰς παρατηρήσεις των.
ΔΥΟ ΧΟΡΕΥΤΡΙΑΙ ΕΧΟΡΕΨΑΝ «ΚΑΝ - ΚΑΝ» ΚΑΤΑ ΤΗΝ ΔΙΑΡΚΕΙΑΝ ΜΙΑΣ ΔΙΚΗΣ ΧΕΙΡΟΚΡΟΤΗΘΕΙΣΑΙ ΑΠΟ ΤΟ ΔΙΚΑΣΤΗΡΙΟΝ
Ἐνῶ ὁ πρόεδρος τὰς ηὐχαρίστει
ΑΘΗΝΑΙ, 25. — Ὁ ἁρμόδιος ὑπουργὸς ἀνεκοίνωσεν ὅτι αἱ σχετικαὶ ἀποφάσεις θὰ ληφθοῦν ἐντὸς τῶν προσεχῶν ἡμερῶν. Κατὰ τὰς πληροφορίας, αἱ διαπραγματεύσεις συνεχίζονται καὶ ἀναμένεται ἡ ὑπογραφὴ τῆς συμφωνίας. Ἡ κυβέρνησις ἐξέφρασε τὴν ἱκανοποίησίν της διὰ τὴν πρόοδον τῶν ἐργασιῶν καὶ ὑπεγράμμισε τὴν σημασίαν τῶν μέτρων διὰ τὴν οἰκονομίαν τῆς χώρας. Οἱ ἐκπρόσωποι τῶν ἐνδιαφερομένων ὀργανώσεων ἐδήλωσαν ὅτι θὰ ὑποβάλουν τὰς παρατηρήσεις των.
ΑΘΗΝΑΙ, 25. — Ὁ ἁρμόδιος ὑπουργὸς ἀνεκοίνωσεν ὅτι αἱ σχετικαὶ ἀποφάσεις θὰ ληφθοῦν ἐντὸς τῶν προσεχῶν ἡμερῶν. Κατὰ τὰς πληροφορίας, αἱ διαπραγματεύσεις συνεχίζονται καὶ ἀναμένεται ἡ ὑπογραφὴ τῆς συμφωνίας. Ἡ κυβέρνησις ἐξέφρασε τὴν ἱκανοποίησίν της διὰ τὴν πρόοδον τῶν ἐργασιῶν καὶ ὑπεγράμμισε τὴν σημασίαν τῶν μέτρων διὰ τὴν οἰκονομίαν τῆς χώρας. Οἱ ἐκπρόσωποι τῶν ἐνδιαφερομένων ὀργανώσεων ἐδήλωσαν ὅτι θὰ ὑποβάλουν τὰς παρατηρήσεις των.
